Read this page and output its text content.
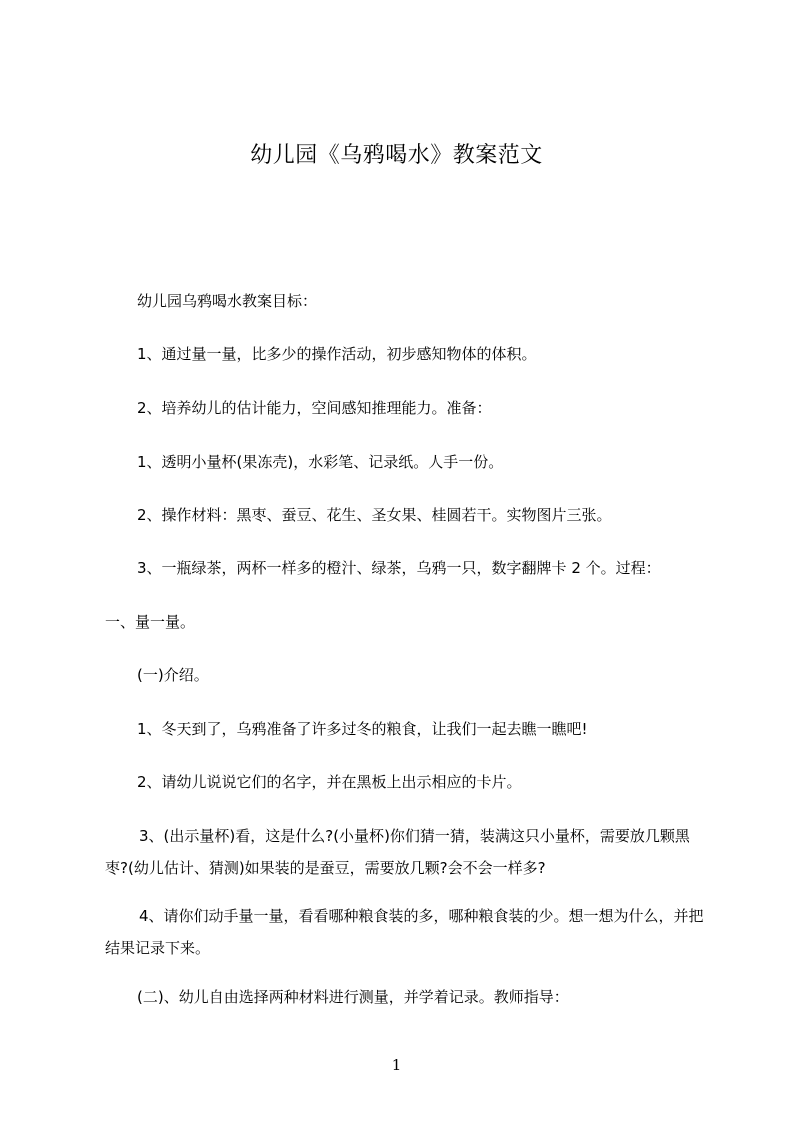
幼儿园《乌鸦喝水》教案范文
幼儿园乌鸦喝水教案目标：
1、通过量一量，比多少的操作活动，初步感知物体的体积。
2、培养幼儿的估计能力，空间感知推理能力。准备：
1、透明小量杯(果冻壳)，水彩笔、记录纸。人手一份。
2、操作材料：黑枣、蚕豆、花生、圣女果、桂圆若干。实物图片三张。
3、一瓶绿茶，两杯一样多的橙汁、绿茶，乌鸦一只，数字翻牌卡 2 个。过程：
一、量一量。
(一)介绍。
1、冬天到了，乌鸦准备了许多过冬的粮食，让我们一起去瞧一瞧吧!
2、请幼儿说说它们的名字，并在黑板上出示相应的卡片。
3、(出示量杯)看，这是什么?(小量杯)你们猜一猜，装满这只小量杯，需要放几颗黑枣?(幼儿估计、猜测)如果装的是蚕豆，需要放几颗?会不会一样多?
4、请你们动手量一量，看看哪种粮食装的多，哪种粮食装的少。想一想为什么，并把结果记录下来。
(二)、幼儿自由选择两种材料进行测量，并学着记录。教师指导：
1
